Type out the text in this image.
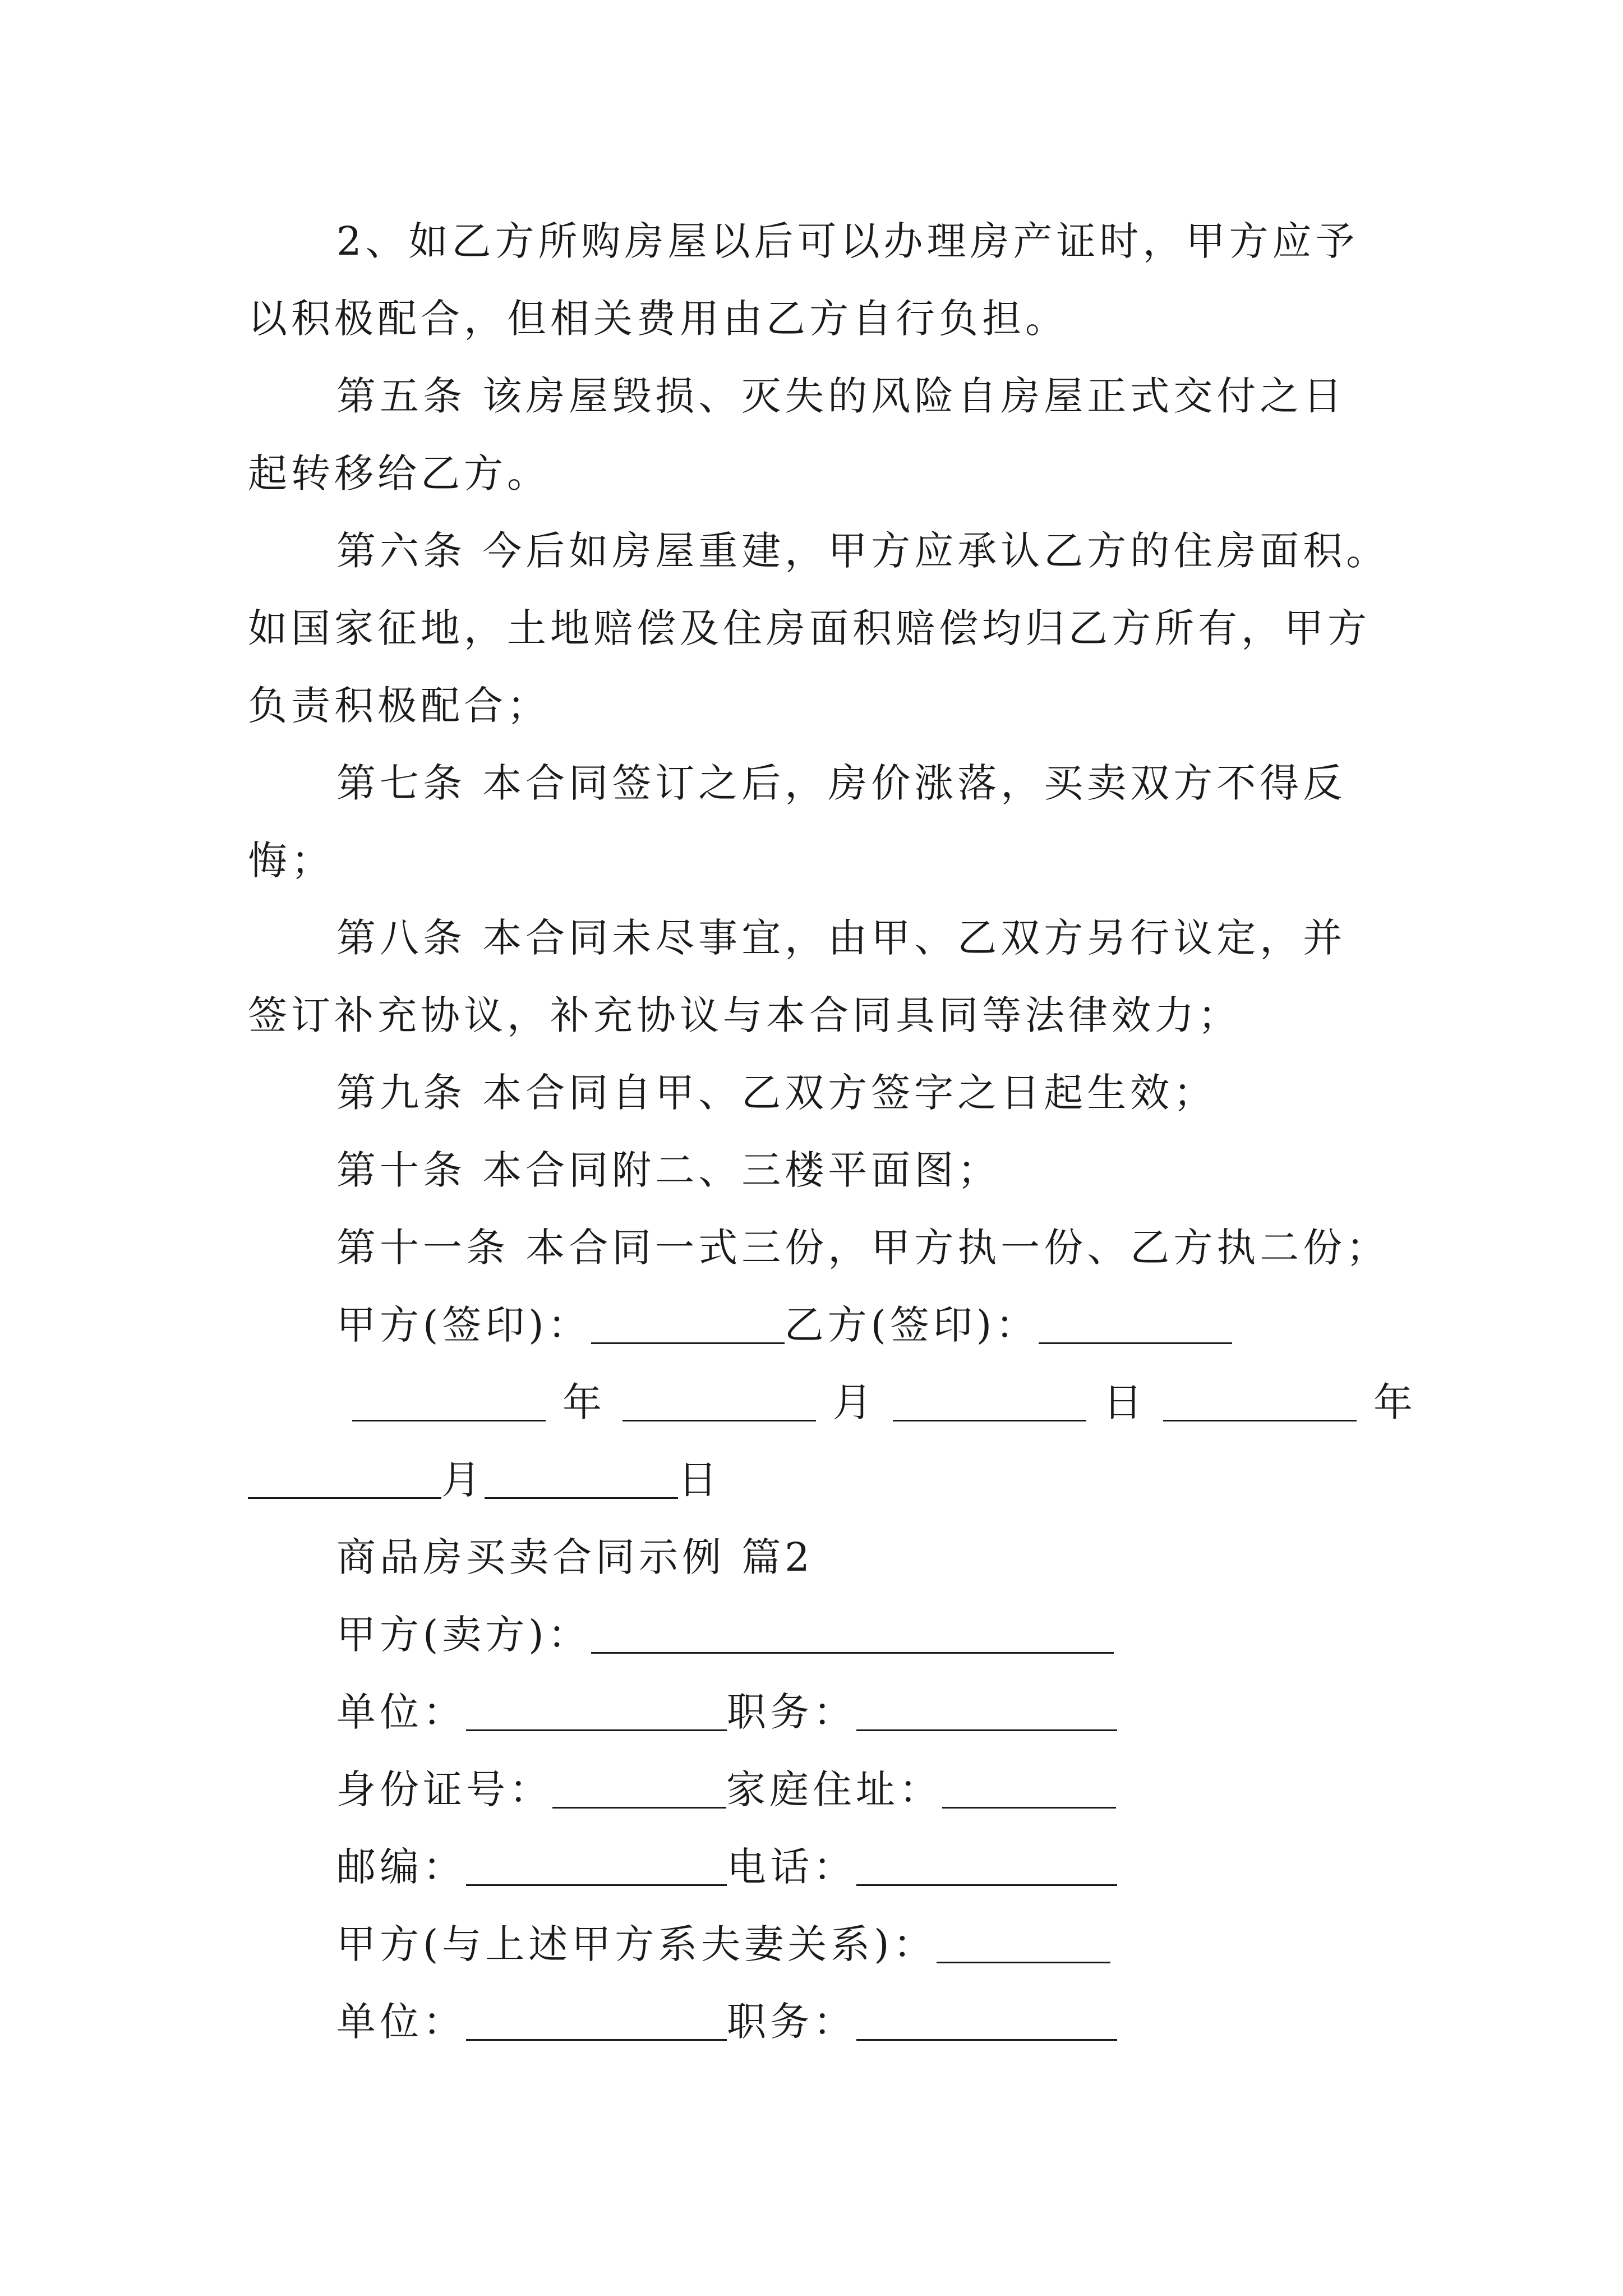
2、如乙方所购房屋以后可以办理房产证时，甲方应予
以积极配合，但相关费用由乙方自行负担。
第五条 该房屋毁损、灭失的风险自房屋正式交付之日
起转移给乙方。
第六条 今后如房屋重建，甲方应承认乙方的住房面积。
如国家征地，土地赔偿及住房面积赔偿均归乙方所有，甲方
负责积极配合；
第七条 本合同签订之后，房价涨落，买卖双方不得反
悔；
第八条 本合同未尽事宜，由甲、乙双方另行议定，并
签订补充协议，补充协议与本合同具同等法律效力；
第九条 本合同自甲、乙双方签字之日起生效；
第十条 本合同附二、三楼平面图；
第十一条 本合同一式三份，甲方执一份、乙方执二份；
甲方(签印)：	乙方(签印)：
年	月	日	年
月	日
商品房买卖合同示例 篇2
甲方(卖方)：
单位：	职务：
身份证号：	家庭住址：
邮编：	电话：
甲方(与上述甲方系夫妻关系)：
单位：	职务：
